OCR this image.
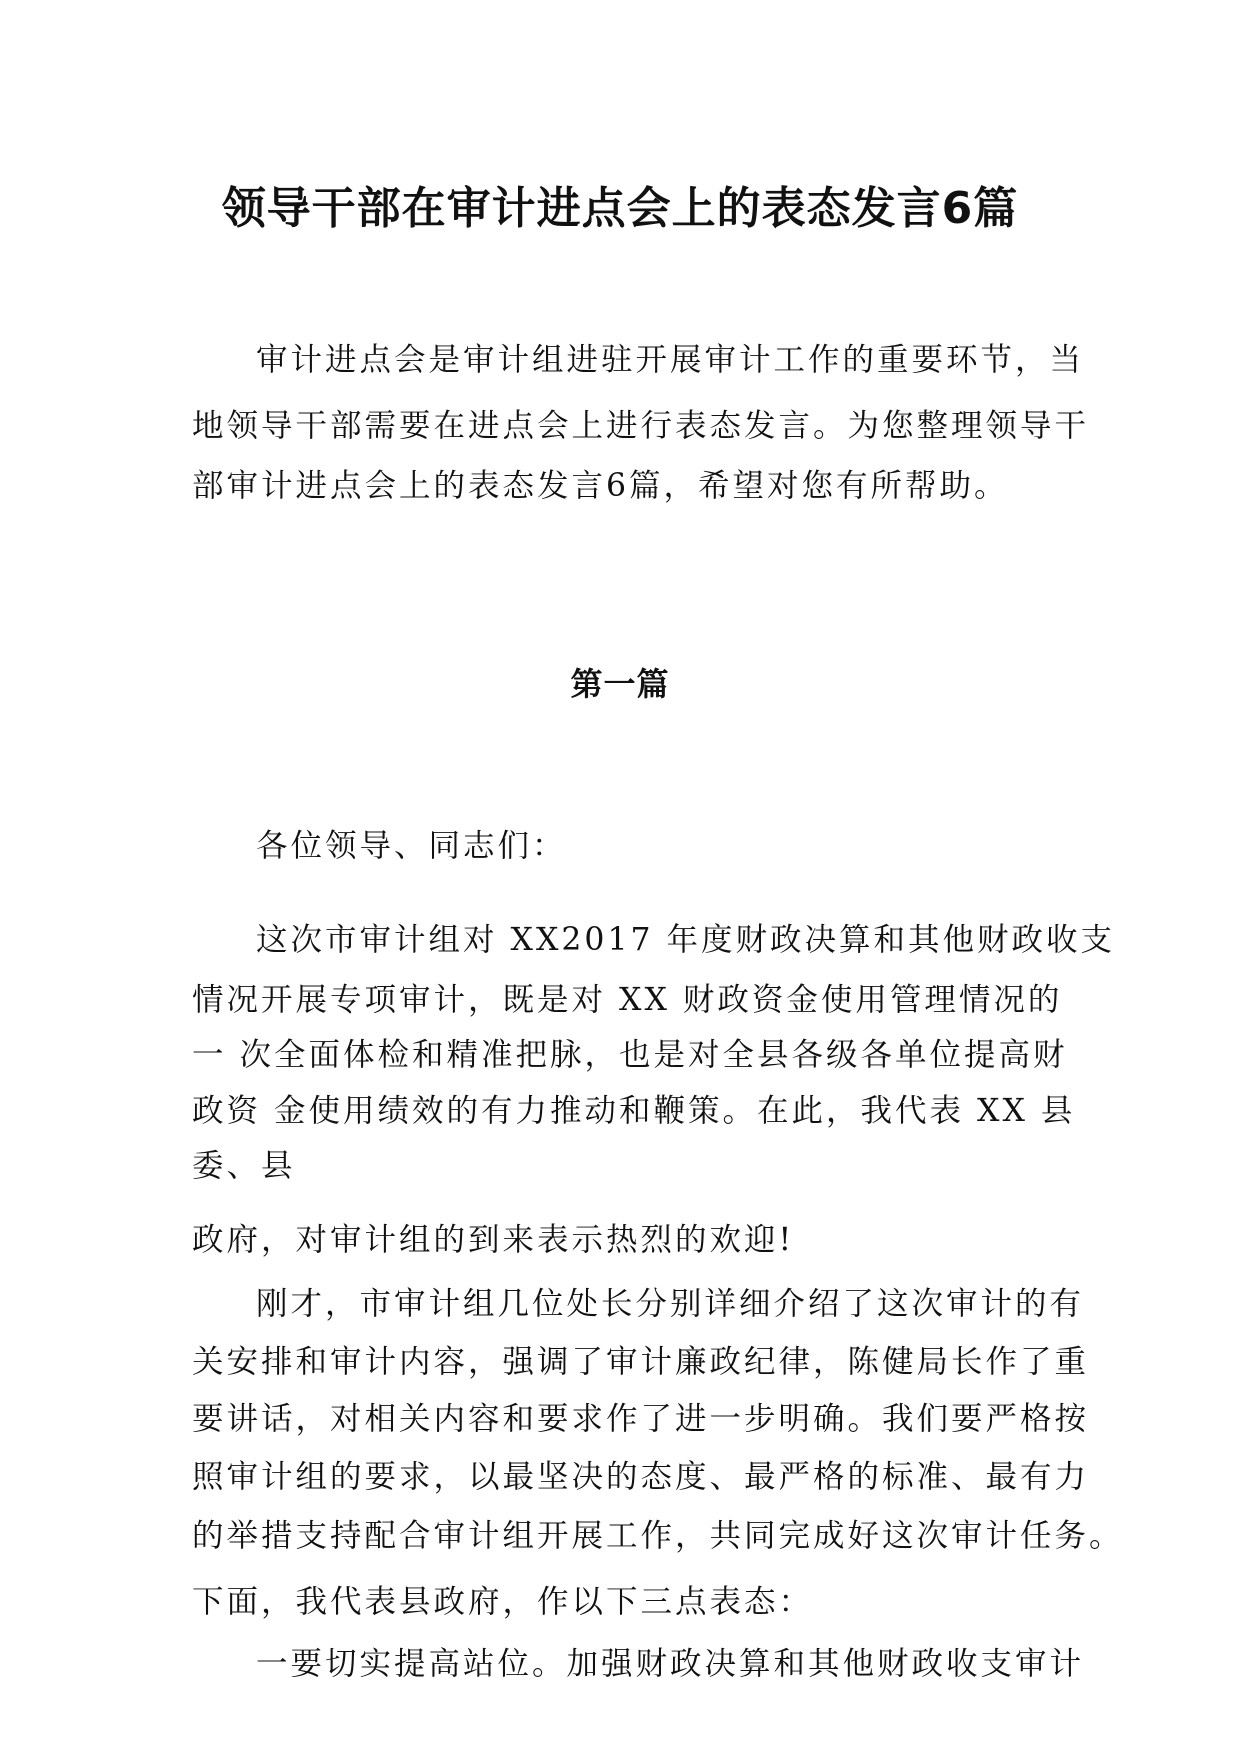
领导干部在审计进点会上的表态发言6篇
审计进点会是审计组进驻开展审计工作的重要环节，当
地领导干部需要在进点会上进行表态发言。为您整理领导干
部审计进点会上的表态发言6篇，希望对您有所帮助。
第一篇
各位领导、同志们：
这次市审计组对 XX2017 年度财政决算和其他财政收支
情况开展专项审计，既是对 XX 财政资金使用管理情况的
一 次全面体检和精准把脉，也是对全县各级各单位提高财
政资 金使用绩效的有力推动和鞭策。在此，我代表 XX 县
委、县
政府，对审计组的到来表示热烈的欢迎!
刚才，市审计组几位处长分别详细介绍了这次审计的有
关安排和审计内容，强调了审计廉政纪律，陈健局长作了重
要讲话，对相关内容和要求作了进一步明确。我们要严格按
照审计组的要求，以最坚决的态度、最严格的标准、最有力
的举措支持配合审计组开展工作，共同完成好这次审计任务。
下面，我代表县政府，作以下三点表态：
一要切实提高站位。加强财政决算和其他财政收支审计
